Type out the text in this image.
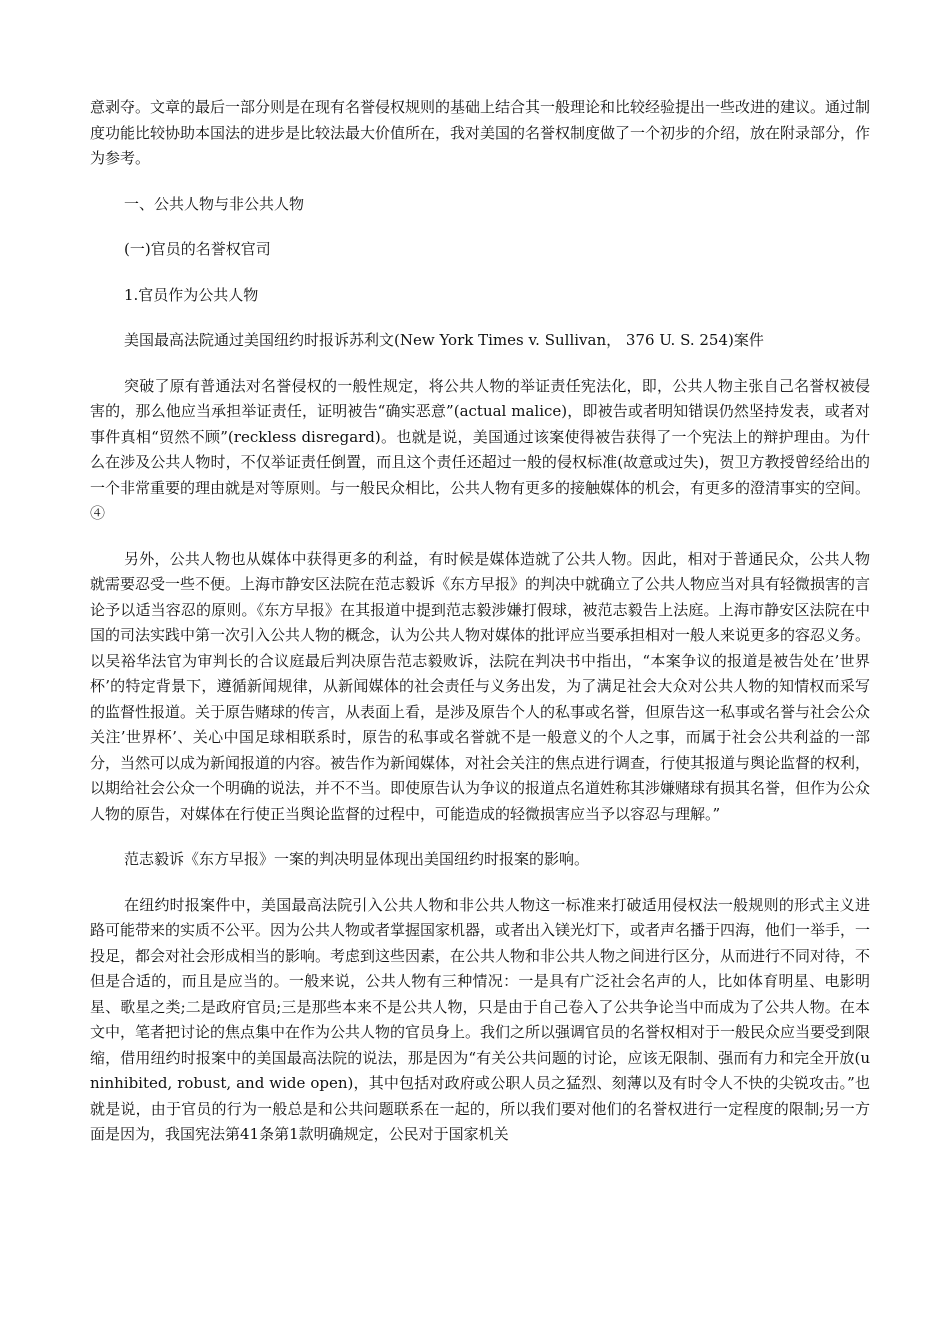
意剥夺。文章的最后一部分则是在现有名誉侵权规则的基础上结合其一般理论和比较经验提出一些改进的建议。通过制度功能比较协助本国法的进步是比较法最大价值所在，我对美国的名誉权制度做了一个初步的介绍，放在附录部分，作为参考。

一、公共人物与非公共人物

(一)官员的名誉权官司

1.官员作为公共人物

美国最高法院通过美国纽约时报诉苏利文(New York Times v. Sullivan， 376 U. S. 254)案件

突破了原有普通法对名誉侵权的一般性规定，将公共人物的举证责任宪法化，即，公共人物主张自己名誉权被侵害的，那么他应当承担举证责任，证明被告“确实恶意”(actual malice)，即被告或者明知错误仍然坚持发表，或者对事件真相“贸然不顾”(reckless disregard)。也就是说，美国通过该案使得被告获得了一个宪法上的辩护理由。为什么在涉及公共人物时，不仅举证责任倒置，而且这个责任还超过一般的侵权标准(故意或过失)，贺卫方教授曾经给出的一个非常重要的理由就是对等原则。与一般民众相比，公共人物有更多的接触媒体的机会，有更多的澄清事实的空间。④

另外，公共人物也从媒体中获得更多的利益，有时候是媒体造就了公共人物。因此，相对于普通民众，公共人物就需要忍受一些不便。上海市静安区法院在范志毅诉《东方早报》的判决中就确立了公共人物应当对具有轻微损害的言论予以适当容忍的原则。《东方早报》在其报道中提到范志毅涉嫌打假球，被范志毅告上法庭。上海市静安区法院在中国的司法实践中第一次引入公共人物的概念，认为公共人物对媒体的批评应当要承担相对一般人来说更多的容忍义务。以吴裕华法官为审判长的合议庭最后判决原告范志毅败诉，法院在判决书中指出，“本案争议的报道是被告处在’世界杯’的特定背景下，遵循新闻规律，从新闻媒体的社会责任与义务出发，为了满足社会大众对公共人物的知情权而采写的监督性报道。关于原告赌球的传言，从表面上看，是涉及原告个人的私事或名誉，但原告这一私事或名誉与社会公众关注’世界杯’、关心中国足球相联系时，原告的私事或名誉就不是一般意义的个人之事，而属于社会公共利益的一部分，当然可以成为新闻报道的内容。被告作为新闻媒体，对社会关注的焦点进行调查，行使其报道与舆论监督的权利，以期给社会公众一个明确的说法，并不不当。即使原告认为争议的报道点名道姓称其涉嫌赌球有损其名誉，但作为公众人物的原告，对媒体在行使正当舆论监督的过程中，可能造成的轻微损害应当予以容忍与理解。”

范志毅诉《东方早报》一案的判决明显体现出美国纽约时报案的影响。

在纽约时报案件中，美国最高法院引入公共人物和非公共人物这一标准来打破适用侵权法一般规则的形式主义进路可能带来的实质不公平。因为公共人物或者掌握国家机器，或者出入镁光灯下，或者声名播于四海，他们一举手，一投足，都会对社会形成相当的影响。考虑到这些因素，在公共人物和非公共人物之间进行区分，从而进行不同对待，不但是合适的，而且是应当的。一般来说，公共人物有三种情况：一是具有广泛社会名声的人，比如体育明星、电影明星、歌星之类;二是政府官员;三是那些本来不是公共人物，只是由于自己卷入了公共争论当中而成为了公共人物。在本文中，笔者把讨论的焦点集中在作为公共人物的官员身上。我们之所以强调官员的名誉权相对于一般民众应当要受到限缩，借用纽约时报案中的美国最高法院的说法，那是因为“有关公共问题的讨论，应该无限制、强而有力和完全开放(uninhibited, robust, and wide open)，其中包括对政府或公职人员之猛烈、刻薄以及有时令人不快的尖锐攻击。”也就是说，由于官员的行为一般总是和公共问题联系在一起的，所以我们要对他们的名誉权进行一定程度的限制;另一方面是因为，我国宪法第41条第1款明确规定，公民对于国家机关
